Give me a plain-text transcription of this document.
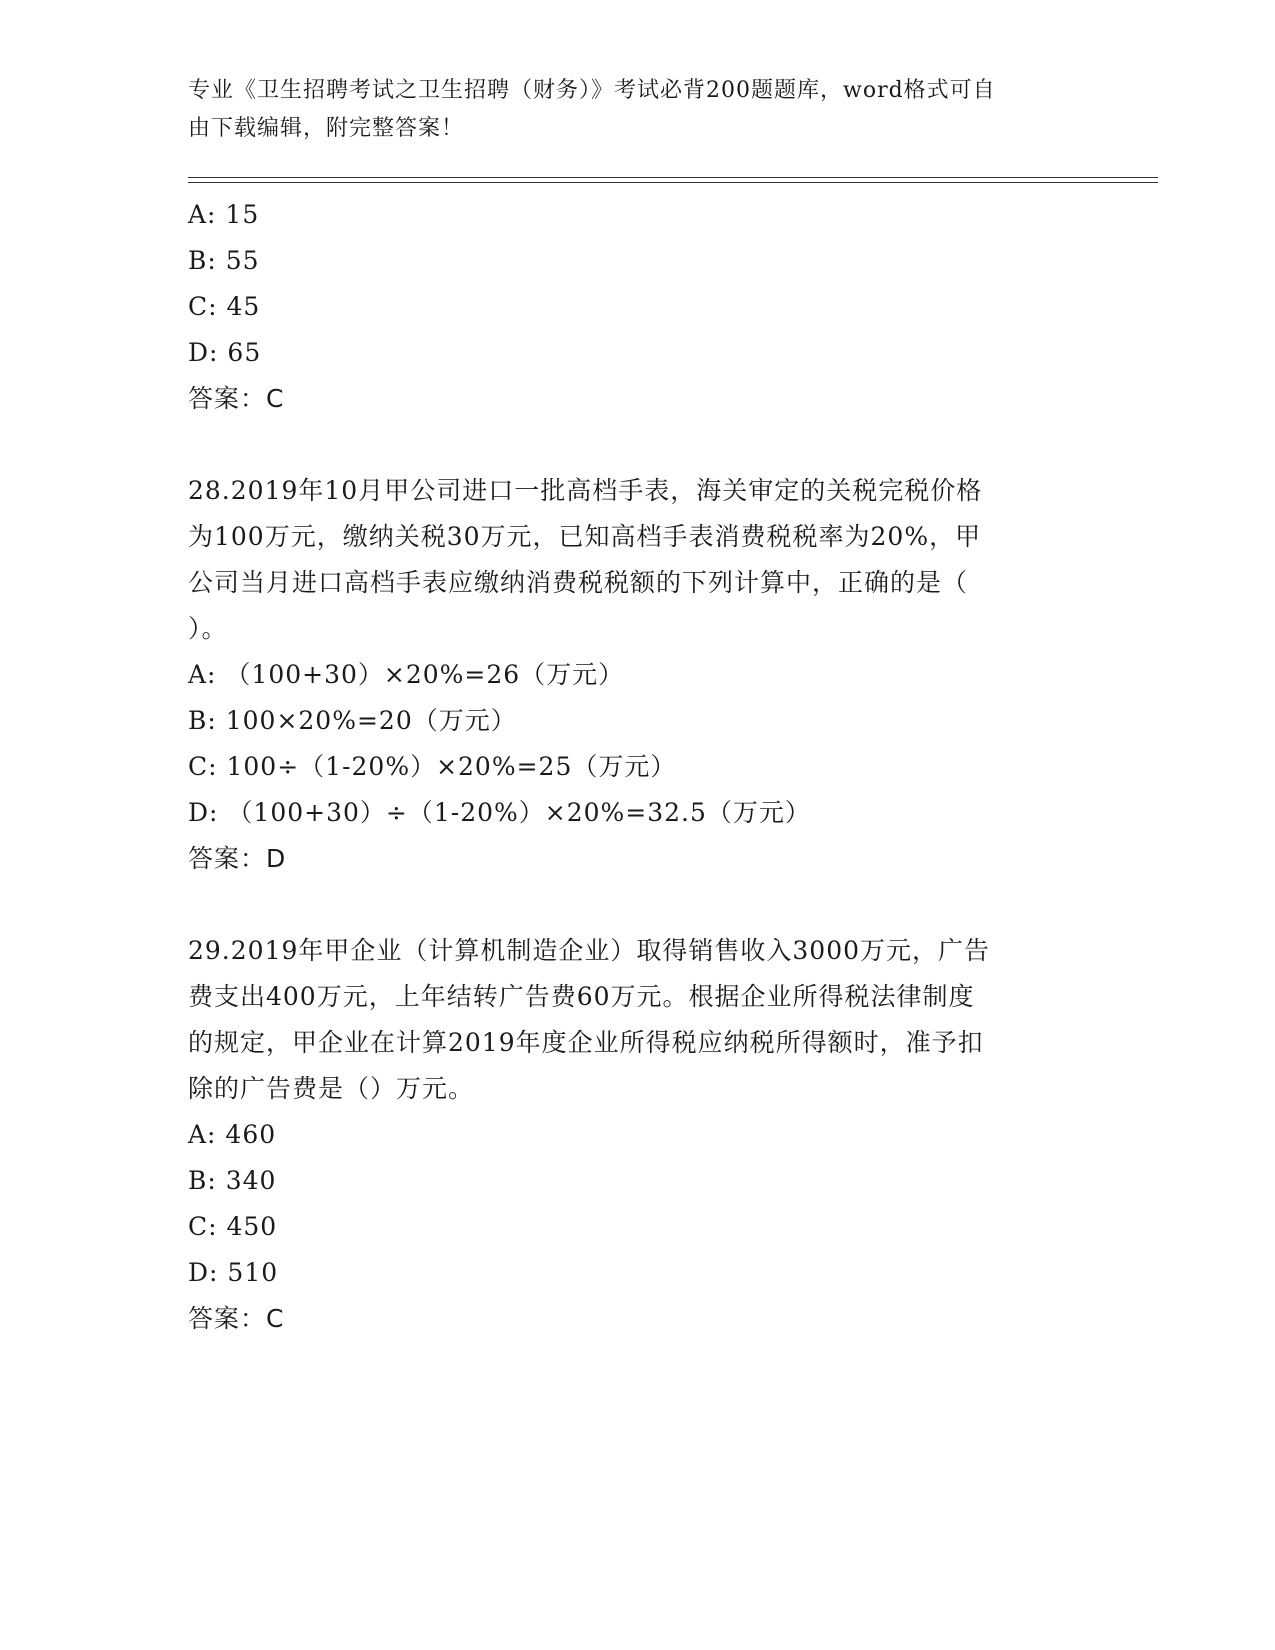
专业《卫生招聘考试之卫生招聘（财务）》考试必背200题题库，word格式可自
由下载编辑，附完整答案！
A: 15
B: 55
C: 45
D: 65
答案：C

28.2019年10月甲公司进口一批高档手表，海关审定的关税完税价格

为100万元，缴纳关税30万元，已知高档手表消费税税率为20%，甲

公司当月进口高档手表应缴纳消费税税额的下列计算中，正确的是（

）。

A: （100+30）×20%=26（万元）
B: 100×20%=20（万元）
C: 100÷（1-20%）×20%=25（万元）
D: （100+30）÷（1-20%）×20%=32.5（万元）
答案：D

29.2019年甲企业（计算机制造企业）取得销售收入3000万元，广告

费支出400万元，上年结转广告费60万元。根据企业所得税法律制度

的规定，甲企业在计算2019年度企业所得税应纳税所得额时，准予扣

除的广告费是（）万元。

A: 460
B: 340
C: 450
D: 510
答案：C
